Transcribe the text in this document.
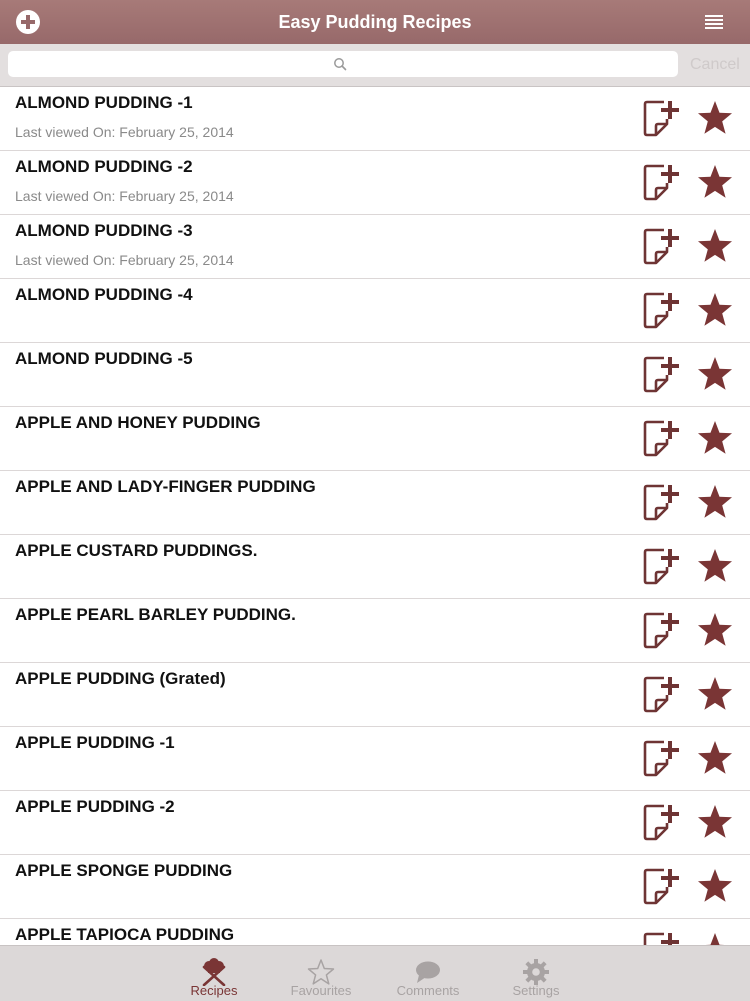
Easy Pudding Recipes
Cancel
ALMOND PUDDING -1
Last viewed On: February 25, 2014
ALMOND PUDDING -2
Last viewed On: February 25, 2014
ALMOND PUDDING -3
Last viewed On: February 25, 2014
ALMOND PUDDING -4
ALMOND PUDDING -5
APPLE AND HONEY PUDDING
APPLE AND LADY-FINGER PUDDING
APPLE CUSTARD PUDDINGS.
APPLE PEARL BARLEY PUDDING.
APPLE PUDDING (Grated)
APPLE PUDDING -1
APPLE PUDDING -2
APPLE SPONGE PUDDING
APPLE TAPIOCA PUDDING
Recipes	Favourites	Comments	Settings
